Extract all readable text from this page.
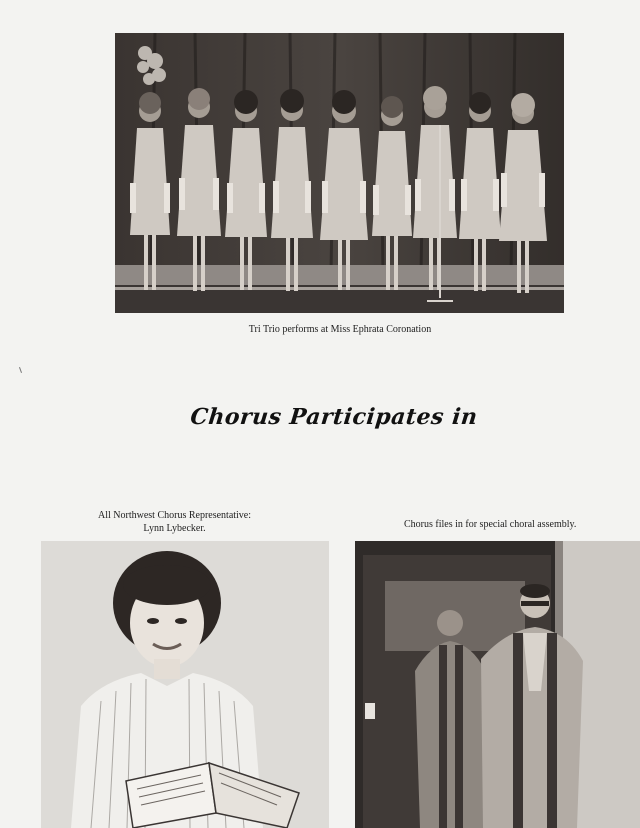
Tri Trio performs at Miss Ephrata Coronation
Chorus Participates in
All Northwest Chorus Representative:
Lynn Lybecker.	Chorus files in for special choral assembly.
